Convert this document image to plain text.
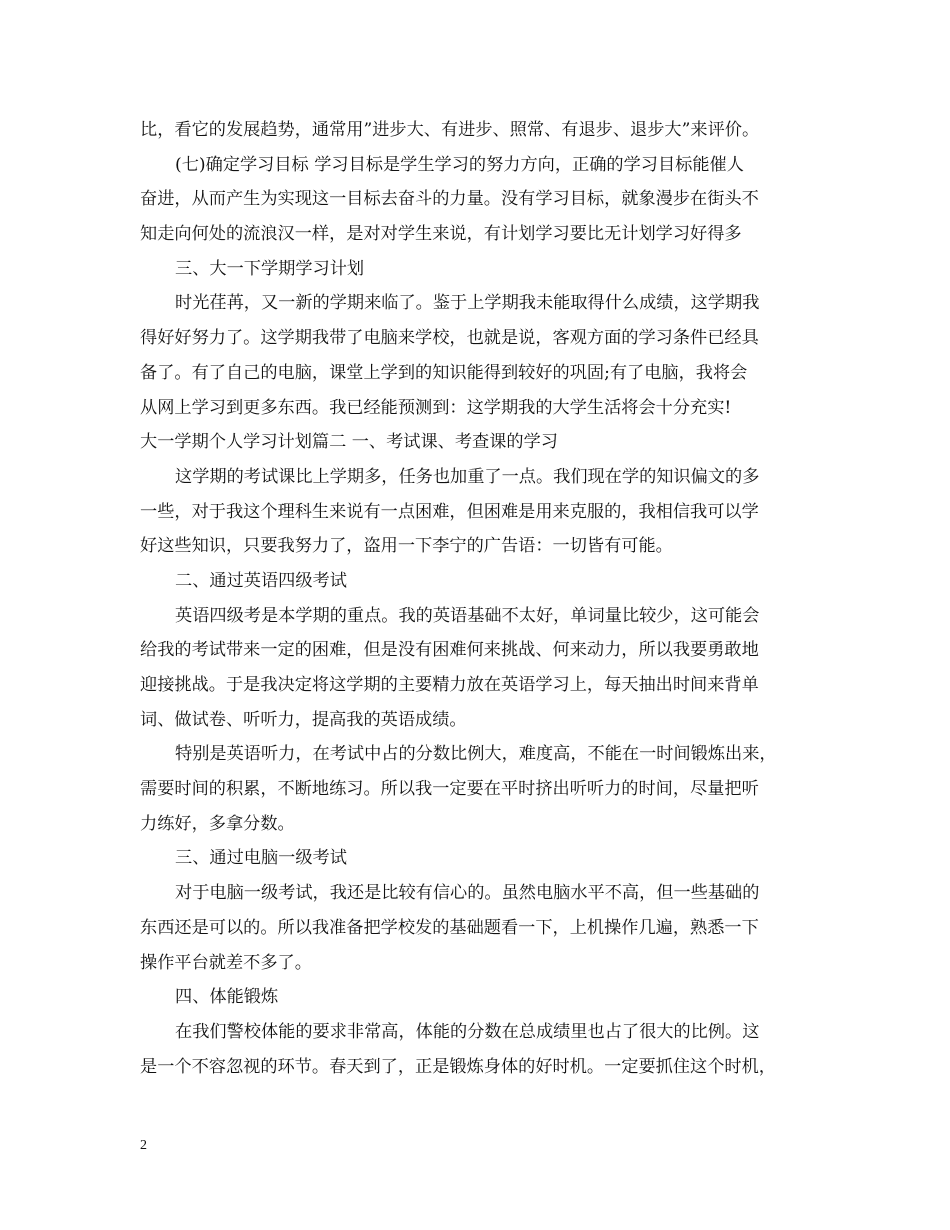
比，看它的发展趋势，通常用”进步大、有进步、照常、有退步、退步大”来评价。
(七)确定学习目标 学习目标是学生学习的努力方向，正确的学习目标能催人
奋进，从而产生为实现这一目标去奋斗的力量。没有学习目标，就象漫步在街头不
知走向何处的流浪汉一样，是对对学生来说，有计划学习要比无计划学习好得多
三、大一下学期学习计划
时光荏苒，又一新的学期来临了。鉴于上学期我未能取得什么成绩，这学期我
得好好努力了。这学期我带了电脑来学校，也就是说，客观方面的学习条件已经具
备了。有了自己的电脑，课堂上学到的知识能得到较好的巩固;有了电脑，我将会
从网上学习到更多东西。我已经能预测到：这学期我的大学生活将会十分充实!
大一学期个人学习计划篇二 一、考试课、考查课的学习
这学期的考试课比上学期多，任务也加重了一点。我们现在学的知识偏文的多
一些，对于我这个理科生来说有一点困难，但困难是用来克服的，我相信我可以学
好这些知识，只要我努力了，盗用一下李宁的广告语：一切皆有可能。
二、通过英语四级考试
英语四级考是本学期的重点。我的英语基础不太好，单词量比较少，这可能会
给我的考试带来一定的困难，但是没有困难何来挑战、何来动力，所以我要勇敢地
迎接挑战。于是我决定将这学期的主要精力放在英语学习上，每天抽出时间来背单
词、做试卷、听听力，提高我的英语成绩。
特别是英语听力，在考试中占的分数比例大，难度高，不能在一时间锻炼出来，
需要时间的积累，不断地练习。所以我一定要在平时挤出听听力的时间，尽量把听
力练好，多拿分数。
三、通过电脑一级考试
对于电脑一级考试，我还是比较有信心的。虽然电脑水平不高，但一些基础的
东西还是可以的。所以我准备把学校发的基础题看一下，上机操作几遍，熟悉一下
操作平台就差不多了。
四、体能锻炼
在我们警校体能的要求非常高，体能的分数在总成绩里也占了很大的比例。这
是一个不容忽视的环节。春天到了，正是锻炼身体的好时机。一定要抓住这个时机，
2
